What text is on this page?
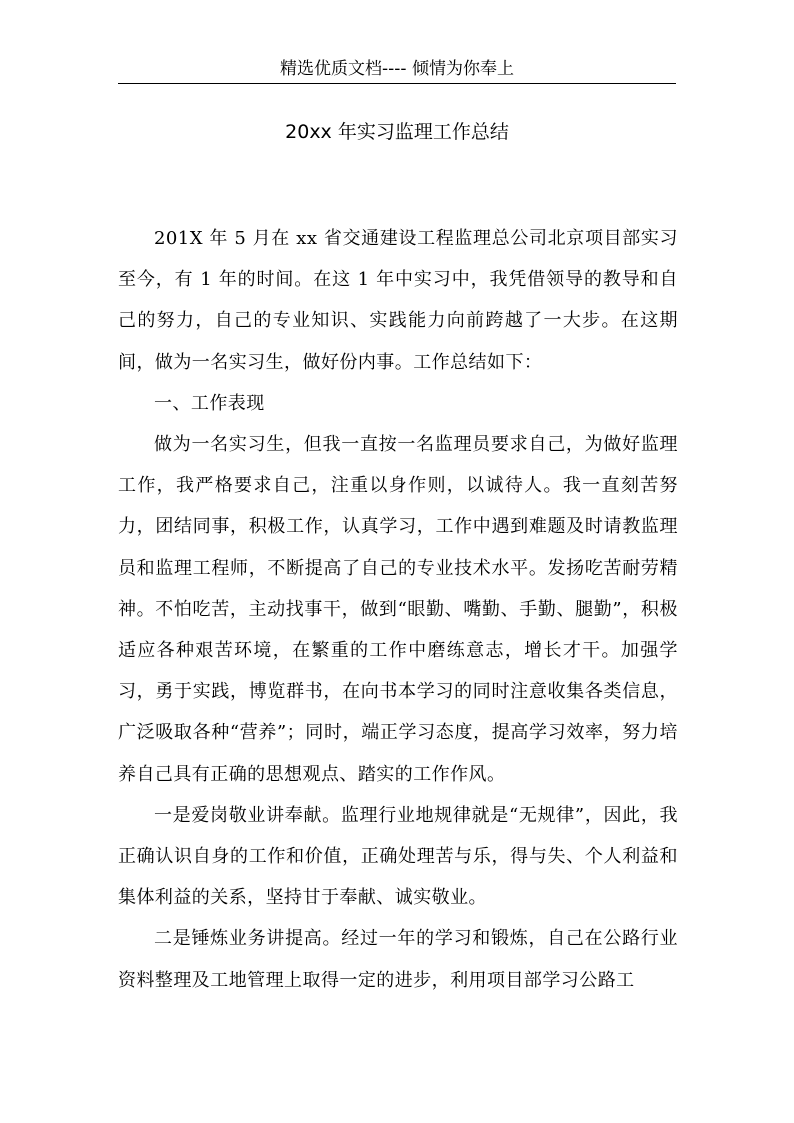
精选优质文档---- 倾情为你奉上
20xx 年实习监理工作总结

201X 年 5 月在 xx 省交通建设工程监理总公司北京项目部实习至今，有 1 年的时间。在这 1 年中实习中，我凭借领导的教导和自己的努力，自己的专业知识、实践能力向前跨越了一大步。在这期间，做为一名实习生，做好份内事。工作总结如下：

一、工作表现

做为一名实习生，但我一直按一名监理员要求自己，为做好监理工作，我严格要求自己，注重以身作则，以诚待人。我一直刻苦努力，团结同事，积极工作，认真学习，工作中遇到难题及时请教监理员和监理工程师，不断提高了自己的专业技术水平。发扬吃苦耐劳精神。不怕吃苦，主动找事干，做到“眼勤、嘴勤、手勤、腿勤”，积极适应各种艰苦环境，在繁重的工作中磨练意志，增长才干。加强学习，勇于实践，博览群书，在向书本学习的同时注意收集各类信息，广泛吸取各种“营养”；同时，端正学习态度，提高学习效率，努力培养自己具有正确的思想观点、踏实的工作作风。

一是爱岗敬业讲奉献。监理行业地规律就是“无规律”，因此，我正确认识自身的工作和价值，正确处理苦与乐，得与失、个人利益和集体利益的关系，坚持甘于奉献、诚实敬业。

二是锤炼业务讲提高。经过一年的学习和锻炼，自己在公路行业资料整理及工地管理上取得一定的进步，利用项目部学习公路工
